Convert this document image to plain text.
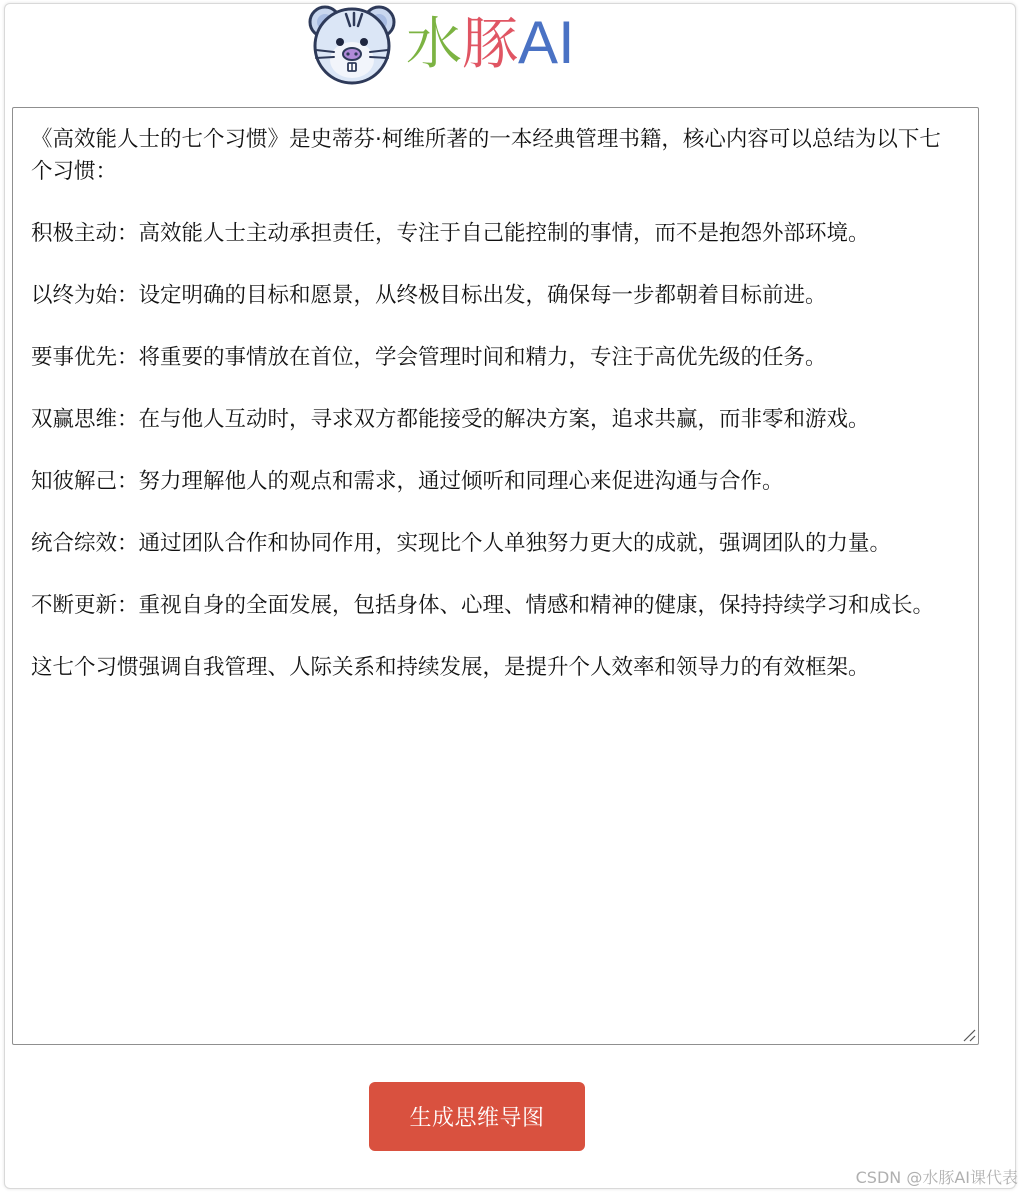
水豚AI

《高效能人士的七个习惯》是史蒂芬·柯维所著的一本经典管理书籍，核心内容可以总结为以下七个习惯：

积极主动：高效能人士主动承担责任，专注于自己能控制的事情，而不是抱怨外部环境。

以终为始：设定明确的目标和愿景，从终极目标出发，确保每一步都朝着目标前进。

要事优先：将重要的事情放在首位，学会管理时间和精力，专注于高优先级的任务。

双赢思维：在与他人互动时，寻求双方都能接受的解决方案，追求共赢，而非零和游戏。

知彼解己：努力理解他人的观点和需求，通过倾听和同理心来促进沟通与合作。

统合综效：通过团队合作和协同作用，实现比个人单独努力更大的成就，强调团队的力量。

不断更新：重视自身的全面发展，包括身体、心理、情感和精神的健康，保持持续学习和成长。

这七个习惯强调自我管理、人际关系和持续发展，是提升个人效率和领导力的有效框架。

生成思维导图
CSDN @水豚AI课代表
